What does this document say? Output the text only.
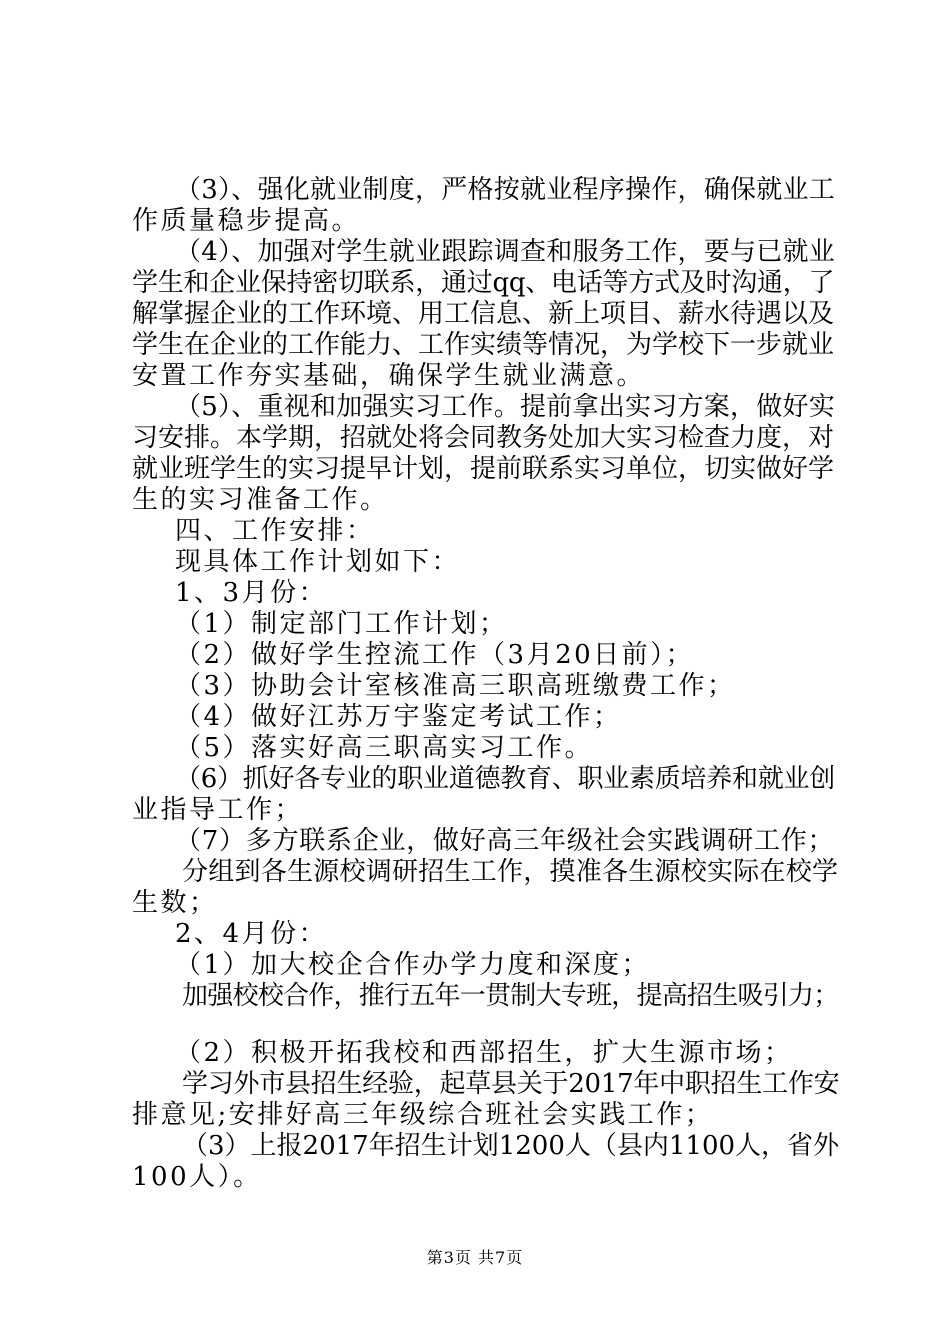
（3）、强化就业制度，严格按就业程序操作，确保就业工
作质量稳步提高。
（4）、加强对学生就业跟踪调查和服务工作，要与已就业
学生和企业保持密切联系，通过qq、电话等方式及时沟通，了
解掌握企业的工作环境、用工信息、新上项目、薪水待遇以及
学生在企业的工作能力、工作实绩等情况，为学校下一步就业
安置工作夯实基础，确保学生就业满意。
（5）、重视和加强实习工作。提前拿出实习方案，做好实
习安排。本学期，招就处将会同教务处加大实习检查力度，对
就业班学生的实习提早计划，提前联系实习单位，切实做好学
生的实习准备工作。
四、工作安排：
现具体工作计划如下：
1、3月份：
（1）制定部门工作计划；
（2）做好学生控流工作（3月20日前）；
（3）协助会计室核准高三职高班缴费工作；
（4）做好江苏万宇鉴定考试工作；
（5）落实好高三职高实习工作。
（6）抓好各专业的职业道德教育、职业素质培养和就业创
业指导工作；
（7）多方联系企业，做好高三年级社会实践调研工作；
分组到各生源校调研招生工作，摸准各生源校实际在校学
生数；
2、4月份：
（1）加大校企合作办学力度和深度；
加强校校合作，推行五年一贯制大专班，提高招生吸引力；
（2）积极开拓我校和西部招生，扩大生源市场；
学习外市县招生经验，起草县关于2017年中职招生工作安
排意见;安排好高三年级综合班社会实践工作；
（3）上报2017年招生计划1200人（县内1100人，省外
100人）。
第3页 共7页
